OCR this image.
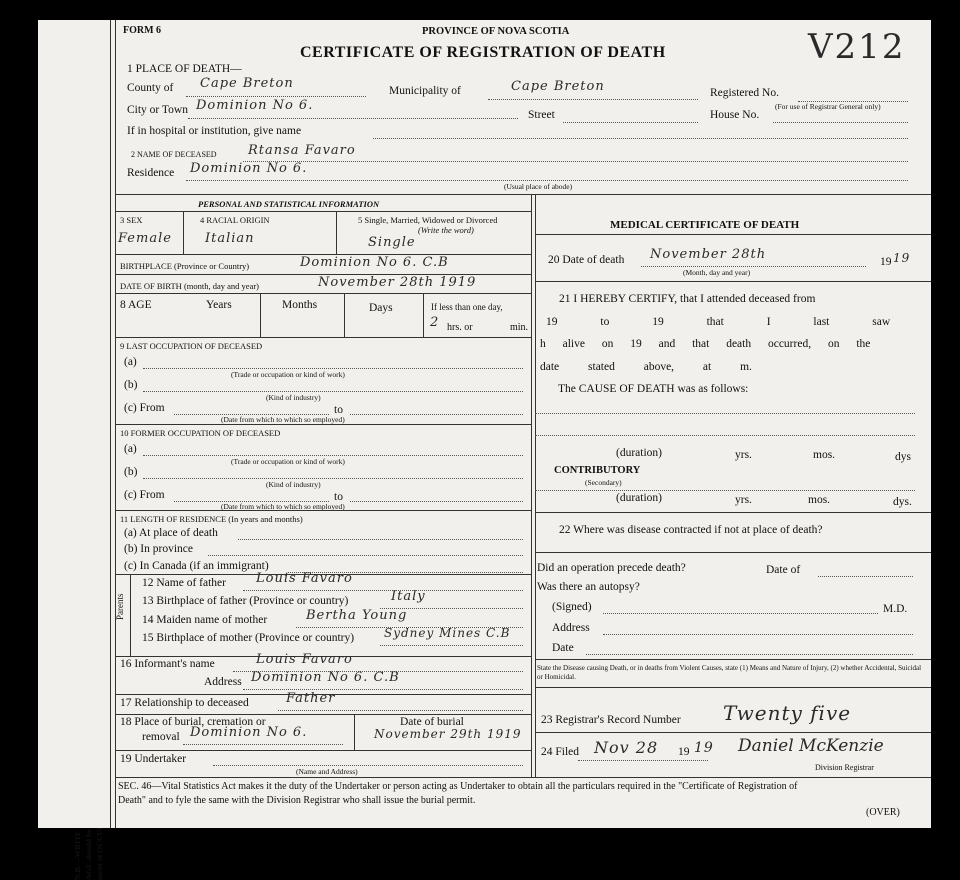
FORM 6	PROVINCE OF NOVA SCOTIA
CERTIFICATE OF REGISTRATION OF DEATH	V212
1 PLACE OF DEATH—
County of Cape Breton	Municipality of	Cape Breton	Registered No.
(For use of Registrar General only)
City or Town Dominion No 6.
Street	House No.
If in hospital or institution, give name
2 NAME OF DECEASED Rtansa Favaro
Residence Dominion No 6.
(Usual place of abode)
PERSONAL AND STATISTICAL INFORMATION
3 SEX
Female
4 RACIAL ORIGIN
Italian
5 Single, Married, Widowed or Divorced
(Write the word)
Single
BIRTHPLACE (Province or Country)	Dominion No 6. C.B
DATE OF BIRTH (month, day and year)	November 28th 1919
8 AGE	Years	Months	Days	If less than one day,
2 hrs. or	min.
9 LAST OCCUPATION OF DECEASED
(a)
(Trade or occupation or kind of work)
(b)
(Kind of industry)
(c) From	to
(Date from which to which so employed)
10 FORMER OCCUPATION OF DECEASED
(a)
(Trade or occupation or kind of work)
(b)
(Kind of industry)
(c) From	to
(Date from which to which so employed)
11 LENGTH OF RESIDENCE (In years and months)
(a) At place of death
(b) In province
(c) In Canada (if an immigrant)
Parents
12 Name of father Louis Favaro
13 Birthplace of father (Province or country)	Italy
14 Maiden name of mother	Bertha Young
15 Birthplace of mother (Province or country) Sydney Mines C.B
16 Informant's name	Louis Favaro
Address Dominion No 6. C.B
17 Relationship to deceased	Father
18 Place of burial, cremation or
removal Dominion No 6.
Date of burial
November 29th 1919
19 Undertaker
(Name and Address)
MEDICAL CERTIFICATE OF DEATH
20 Date of death November 28th	19 19
(Month, day and year)
21 I HEREBY CERTIFY, that I attended deceased from
19 to 19 that I last saw
h alive on 19 and that death occurred, on the
date stated above, at m.
The CAUSE OF DEATH was as follows:
(duration)	yrs.	mos.	dys
CONTRIBUTORY
(Secondary)
(duration)	yrs.	mos.	dys.
22 Where was disease contracted if not at place of death?
Did an operation precede death?	Date of
Was there an autopsy?
(Signed)	M.D.
Address
Date
State the Disease causing Death, or in deaths from Violent Causes, state (1) Means and Nature of Injury, (2) whether Accidental, Suicidal or Homicidal.
23 Registrar's Record Number Twenty five
24 Filed Nov 28 19 19 Daniel McKenzie
Division Registrar
SEC. 46—Vital Statistics Act makes it the duty of the Undertaker or person acting as Undertaker to obtain all the particulars required in the "Certificate of Registration of
Death" and to fyle the same with the Division Registrar who shall issue the burial permit.
(OVER)
